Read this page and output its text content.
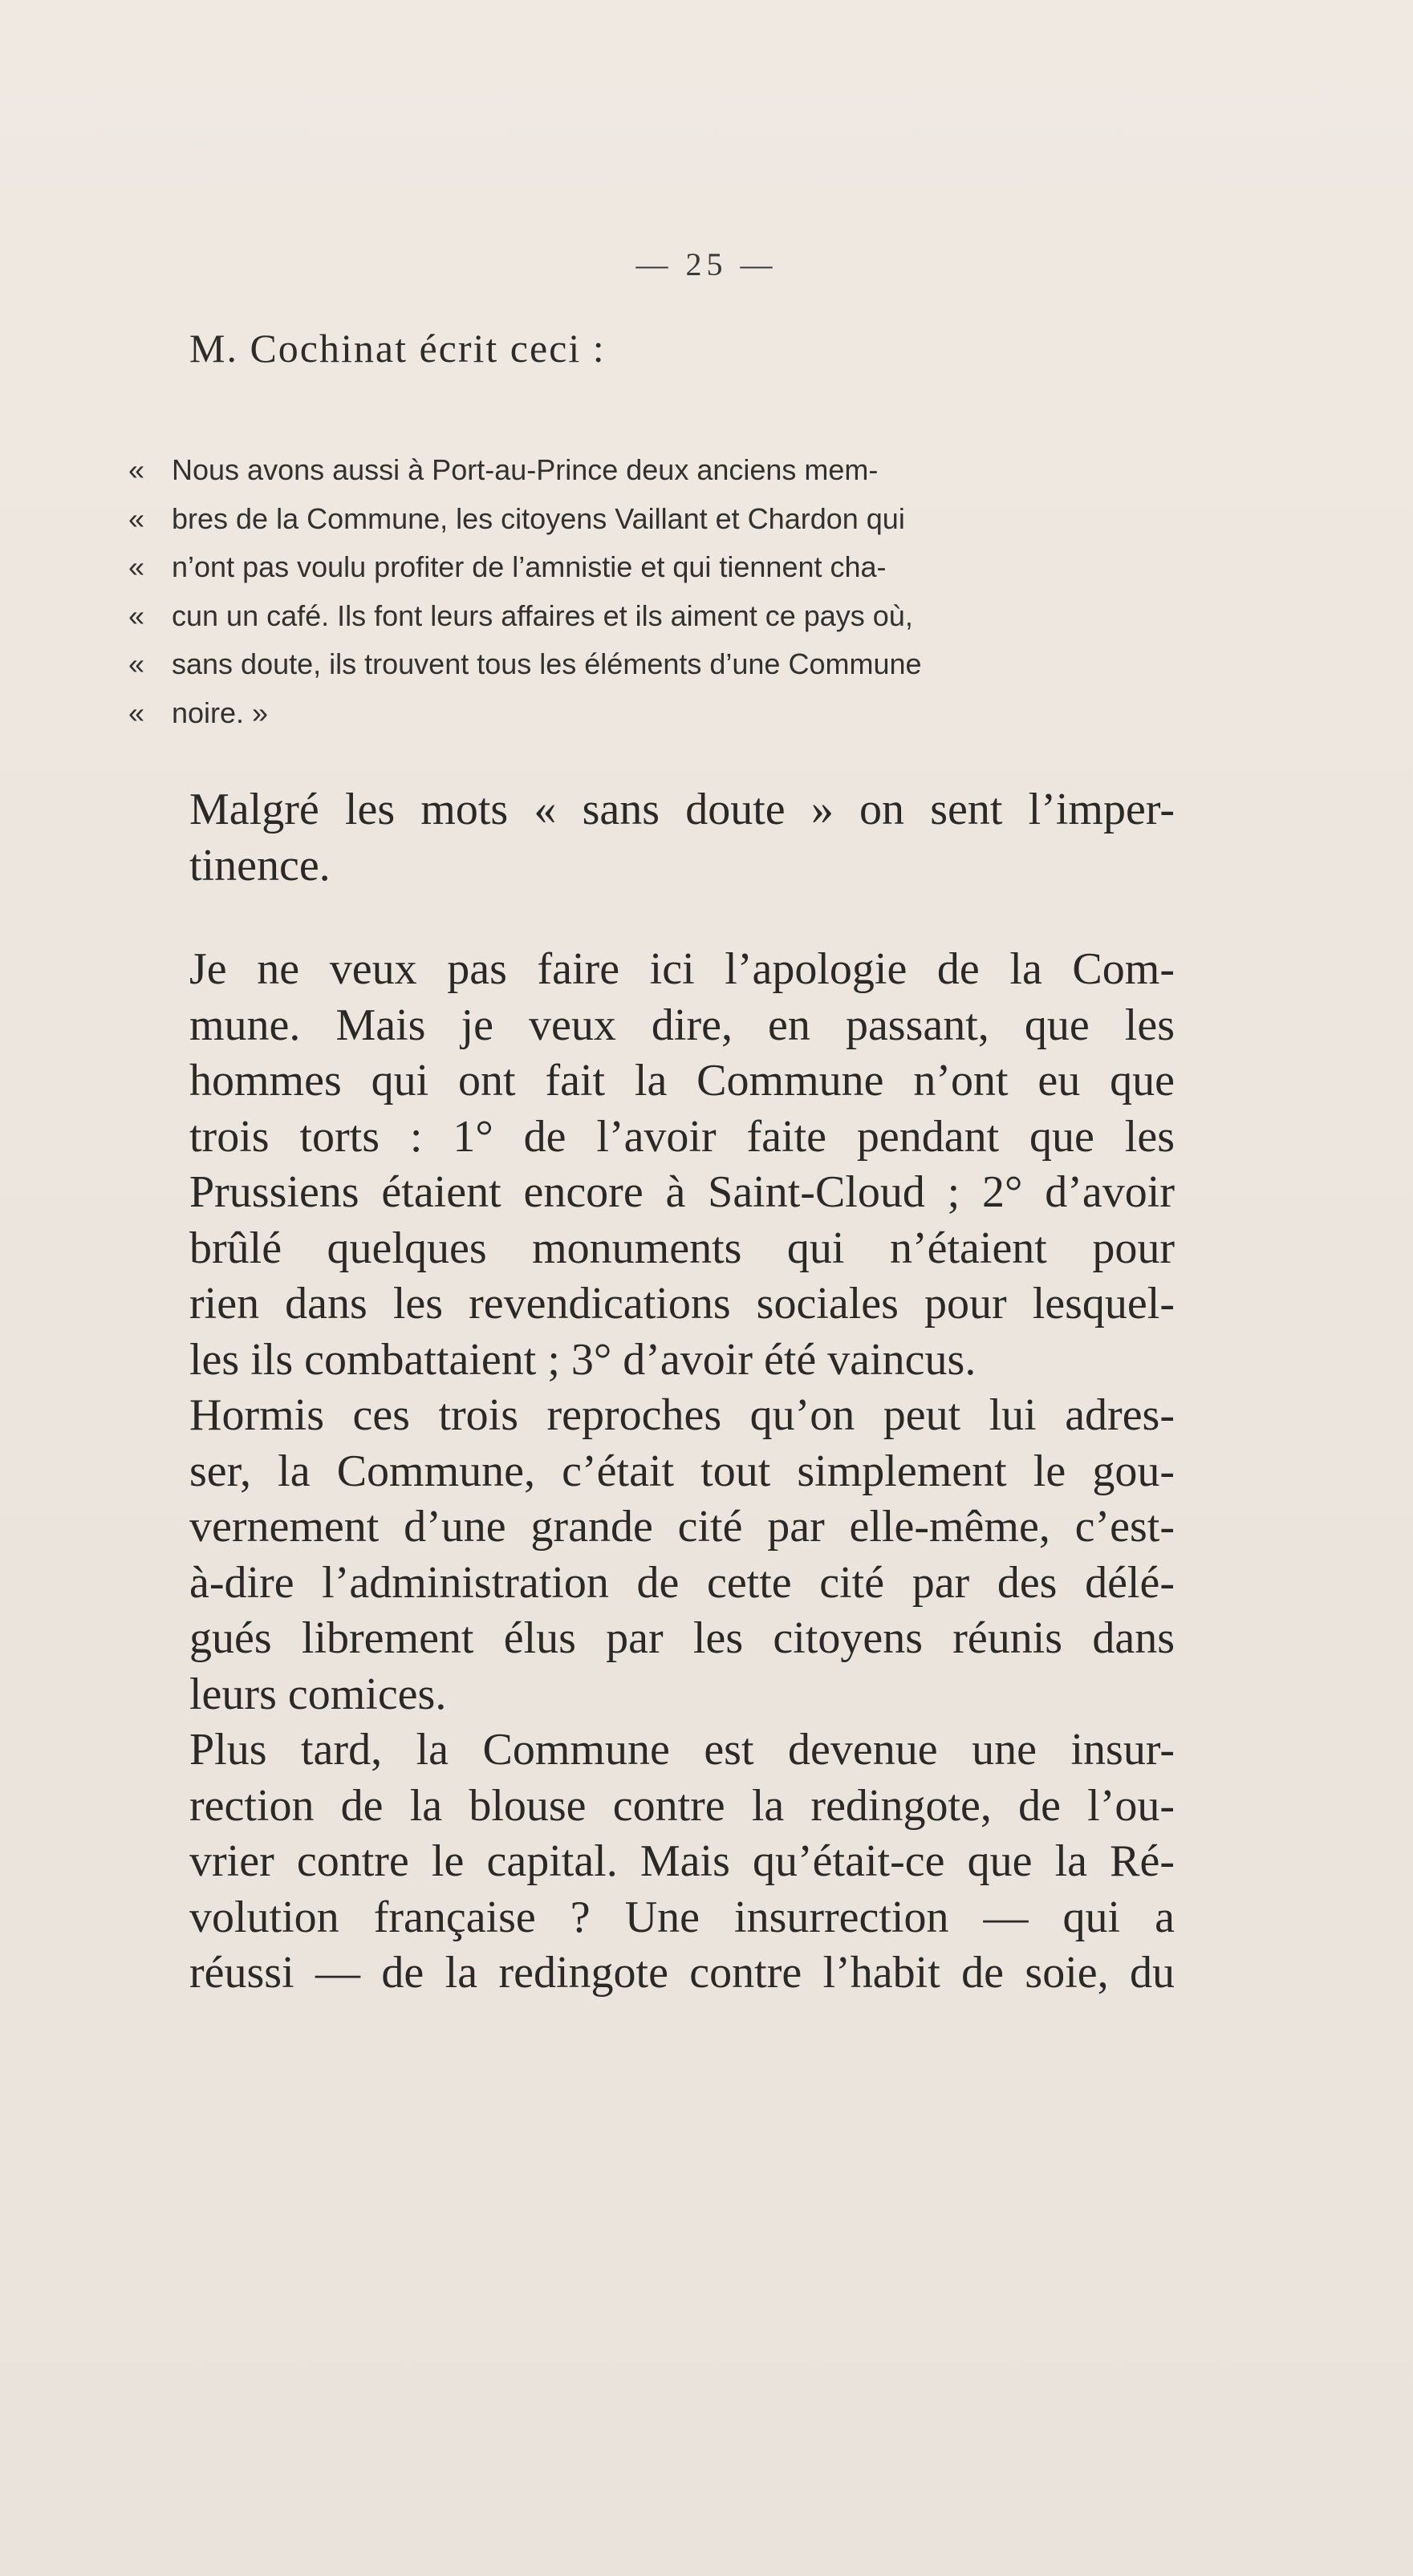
— 25 —
M. Cochinat écrit ceci :
« Nous avons aussi à Port-au-Prince deux anciens mem-
« bres de la Commune, les citoyens Vaillant et Chardon qui
« n’ont pas voulu profiter de l’amnistie et qui tiennent cha-
« cun un café. Ils font leurs affaires et ils aiment ce pays où,
« sans doute, ils trouvent tous les éléments d’une Commune
« noire. »
Malgré les mots « sans doute » on sent l’imper-
tinence.
Je ne veux pas faire ici l’apologie de la Com-
mune. Mais je veux dire, en passant, que les
hommes qui ont fait la Commune n’ont eu que
trois torts : 1° de l’avoir faite pendant que les
Prussiens étaient encore à Saint-Cloud ; 2° d’avoir
brûlé quelques monuments qui n’étaient pour
rien dans les revendications sociales pour lesquel-
les ils combattaient ; 3° d’avoir été vaincus.
Hormis ces trois reproches qu’on peut lui adres-
ser, la Commune, c’était tout simplement le gou-
vernement d’une grande cité par elle-même, c’est-
à-dire l’administration de cette cité par des délé-
gués librement élus par les citoyens réunis dans
leurs comices.
Plus tard, la Commune est devenue une insur-
rection de la blouse contre la redingote, de l’ou-
vrier contre le capital. Mais qu’était-ce que la Ré-
volution française ? Une insurrection — qui a
réussi — de la redingote contre l’habit de soie, du
